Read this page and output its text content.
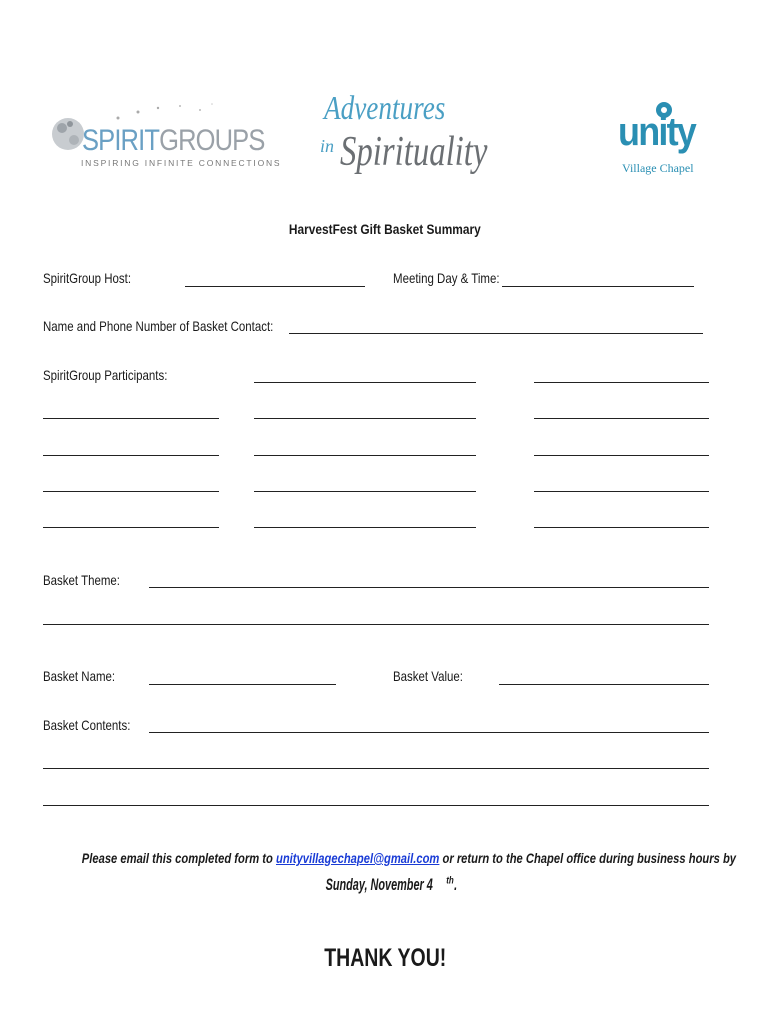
SPIRITGROUPS
INSPIRING INFINITE CONNECTIONS
Adventures
in Spirituality	unity
Village Chapel
HarvestFest Gift Basket Summary
SpiritGroup Host:	Meeting Day & Time:
Name and Phone Number of Basket Contact:
SpiritGroup Participants:
Basket Theme:
Basket Name:	Basket Value:
Basket Contents:
Please email this completed form to unityvillagechapel@gmail.com or return to the Chapel office during business hours by
Sunday, November 4 $^{th}$.
THANK YOU!
